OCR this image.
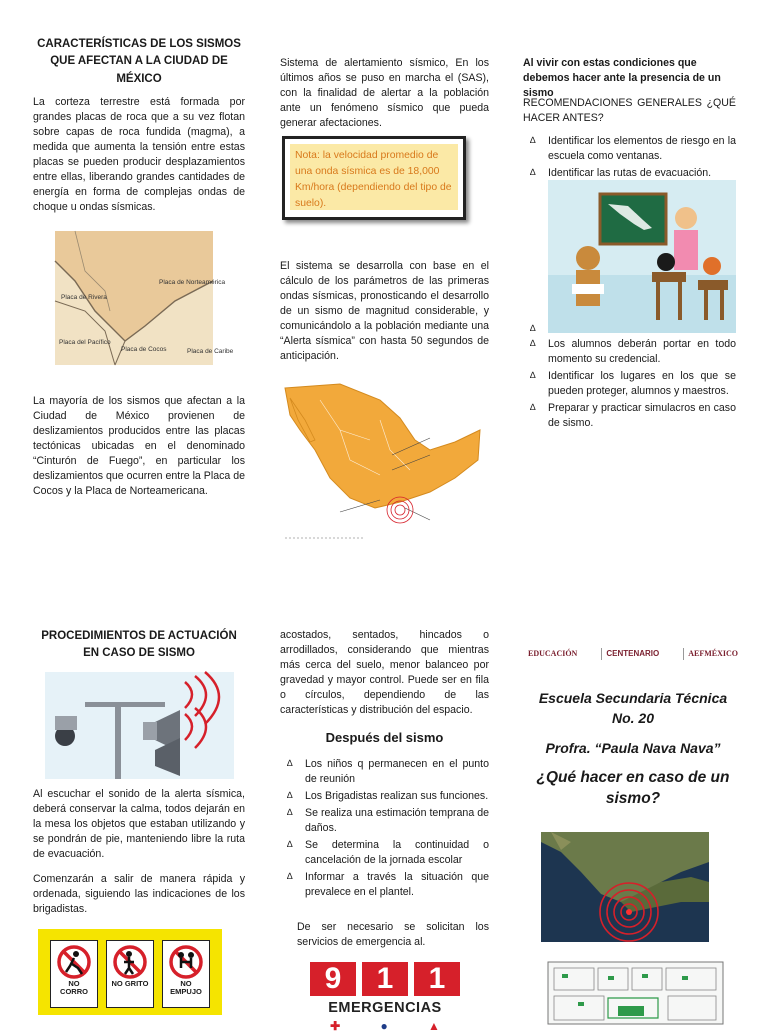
CARACTERÍSTICAS DE LOS SISMOS QUE AFECTAN A LA CIUDAD DE MÉXICO
La corteza terrestre está formada por grandes placas de roca que a su vez flotan sobre capas de roca fundida (magma), a medida que aumenta la tensión entre estas placas se pueden producir desplazamientos entre ellas, liberando grandes cantidades de energía en forma de complejas ondas de choque u ondas sísmicas.
Placa de Norteamérica
Placa de Rivera
Placa del Pacífico
Placa de Cocos	Placa de Caribe
La mayoría de los sismos que afectan a la Ciudad de México provienen de deslizamientos producidos entre las placas tectónicas ubicadas en el denominado “Cinturón de Fuego”, en particular los deslizamientos que ocurren entre la Placa de Cocos y la Placa de Norteamericana.
Sistema de alertamiento sísmico, En los últimos años se puso en marcha el (SAS), con la finalidad de alertar a la población ante un fenómeno sísmico que pueda generar afectaciones.
Nota: la velocidad promedio de una onda sísmica es de 18,000 Km/hora (dependiendo del tipo de suelo).
El sistema se desarrolla con base en el cálculo de los parámetros de las primeras ondas sísmicas, pronosticando el desarrollo de un sismo de magnitud considerable, y comunicándolo a la población mediante una “Alerta sísmica” con hasta 50 segundos de anticipación.
Al vivir con estas condiciones que debemos hacer ante la presencia de un sismo
RECOMENDACIONES GENERALES ¿QUÉ HACER ANTES?
∆ Identificar los elementos de riesgo en la escuela como ventanas.
∆ Identificar las rutas de evacuación.
∆
∆ Los alumnos deberán portar en todo momento su credencial.
∆ Identificar los lugares en los que se pueden proteger, alumnos y maestros.
∆ Preparar y practicar simulacros en caso de sismo.
PROCEDIMIENTOS DE ACTUACIÓN EN CASO DE SISMO
Al escuchar el sonido de la alerta sísmica, deberá conservar la calma, todos dejarán en la mesa los objetos que estaban utilizando y se pondrán de pie, manteniendo libre la ruta de evacuación.
Comenzarán a salir de manera rápida y ordenada, siguiendo las indicaciones de los brigadistas.
NO CORRO
NO GRITO	NO EMPUJO
acostados, sentados, hincados o arrodillados, considerando que mientras más cerca del suelo, menor balanceo por gravedad y mayor control. Puede ser en fila o círculos, dependiendo de las características y distribución del espacio.
Después del sismo
∆ Los niños q permanecen en el punto de reunión
∆ Los Brigadistas realizan sus funciones.
∆ Se realiza una estimación temprana de daños.
∆ Se determina la continuidad o cancelación de la jornada escolar
∆ Informar a través la situación que prevalece en el plantel.
De ser necesario se solicitan los servicios de emergencia al.
9	1	1
EMERGENCIAS
✚	●	▲
EDUCACIÓN	CENTENARIO	AEFMÉXICO
Escuela Secundaria Técnica No. 20
Profra. “Paula Nava Nava”
¿Qué hacer en caso de un sismo?
